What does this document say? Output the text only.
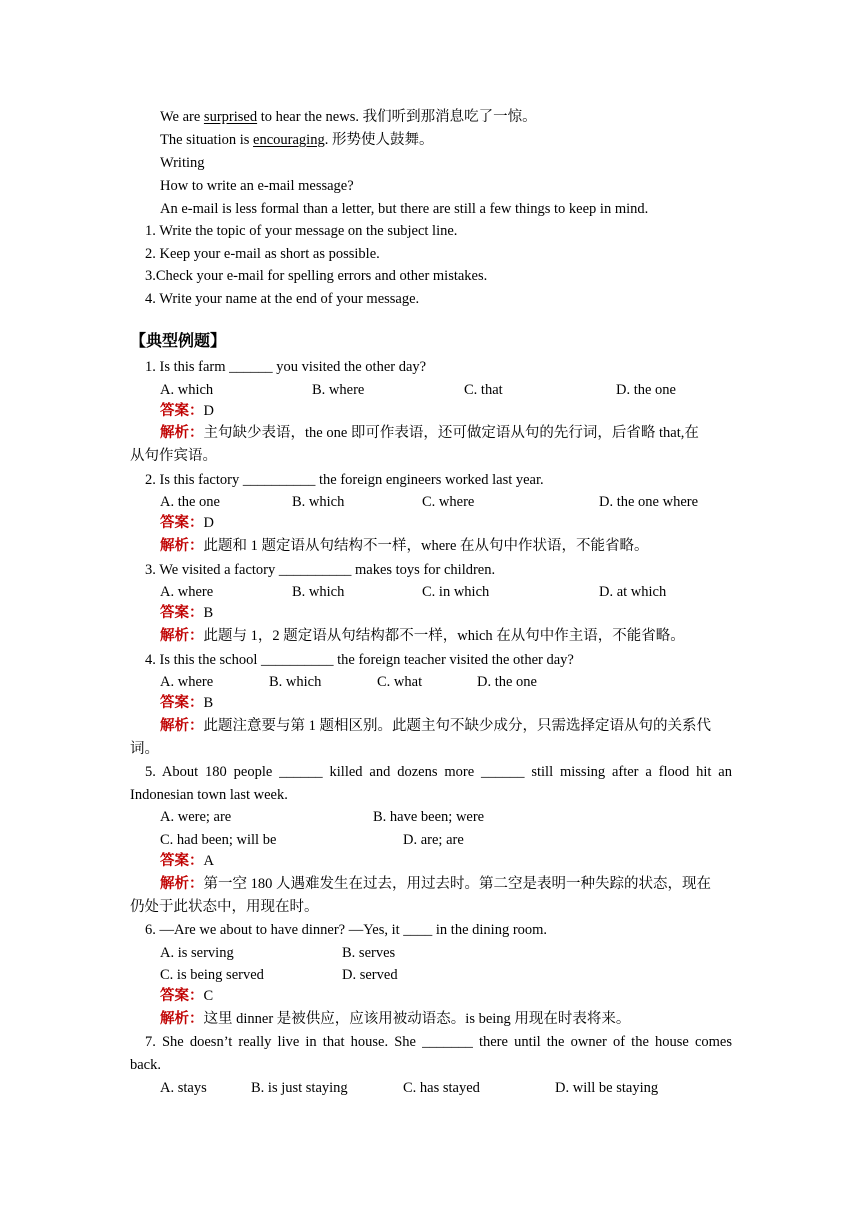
We are surprised to hear the news. 我们听到那消息吃了一惊。
The situation is encouraging. 形势使人鼓舞。
Writing
How to write an e-mail message?
An e-mail is less formal than a letter, but there are still a few things to keep in mind.
1. Write the topic of your message on the subject line.
2. Keep your e-mail as short as possible.
3.Check your e-mail for spelling errors and other mistakes.
4. Write your name at the end of your message.
【典型例题】
1. Is this farm ______ you visited the other day?
A. which	B. where	C. that	D. the one
答案：D
解析：主句缺少表语，the one 即可作表语，还可做定语从句的先行词，后省略 that,在
从句作宾语。
2. Is this factory __________ the foreign engineers worked last year.
A. the one	B. which	C. where	D. the one where
答案：D
解析：此题和 1 题定语从句结构不一样，where 在从句中作状语，不能省略。
3. We visited a factory __________ makes toys for children.
A. where	B. which	C. in which	D. at which
答案：B
解析：此题与 1，2 题定语从句结构都不一样，which 在从句中作主语，不能省略。
4. Is this the school __________ the foreign teacher visited the other day?
A. where	B. which	C. what	D. the one
答案：B
解析：此题注意要与第 1 题相区别。此题主句不缺少成分，只需选择定语从句的关系代
词。
5. About 180 people ______ killed and dozens more ______ still missing after a flood hit an
Indonesian town last week.
A. were; are	B. have been; were
C. had been; will be	D. are; are
答案：A
解析：第一空 180 人遇难发生在过去，用过去时。第二空是表明一种失踪的状态，现在
仍处于此状态中，用现在时。
6. —Are we about to have dinner? —Yes, it ____ in the dining room.
A. is serving	B. serves
C. is being served	D. served
答案：C
解析：这里 dinner 是被供应，应该用被动语态。is being 用现在时表将来。
7. She doesn’t really live in that house. She _______ there until the owner of the house comes
back.
A. stays	B. is just staying	C. has stayed	D. will be staying
